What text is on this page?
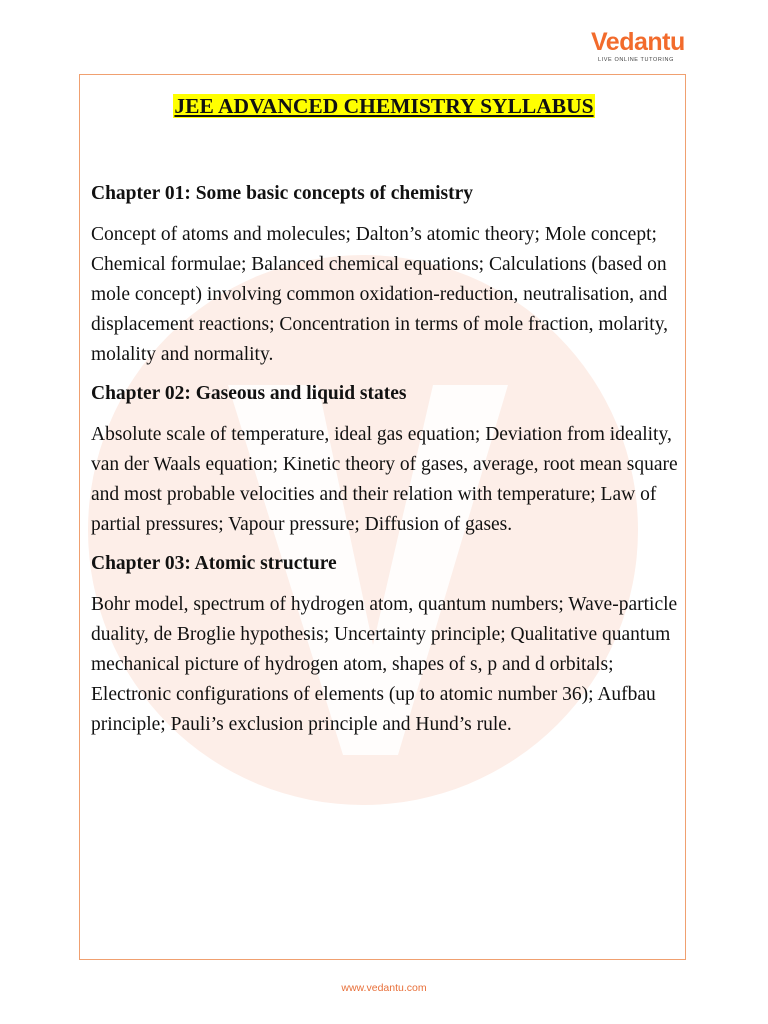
Vedantu
LIVE ONLINE TUTORING
JEE ADVANCED CHEMISTRY SYLLABUS

Chapter 01: Some basic concepts of chemistry

Concept of atoms and molecules; Dalton’s atomic theory; Mole concept; Chemical formulae; Balanced chemical equations; Calculations (based on mole concept) involving common oxidation-reduction, neutralisation, and displacement reactions; Concentration in terms of mole fraction, molarity, molality and normality.

Chapter 02: Gaseous and liquid states

Absolute scale of temperature, ideal gas equation; Deviation from ideality, van der Waals equation; Kinetic theory of gases, average, root mean square and most probable velocities and their relation with temperature; Law of partial pressures; Vapour pressure; Diffusion of gases.

Chapter 03: Atomic structure

Bohr model, spectrum of hydrogen atom, quantum numbers; Wave-particle duality, de Broglie hypothesis; Uncertainty principle; Qualitative quantum mechanical picture of hydrogen atom, shapes of s, p and d orbitals; Electronic configurations of elements (up to atomic number 36); Aufbau principle; Pauli’s exclusion principle and Hund’s rule.

www.vedantu.com
